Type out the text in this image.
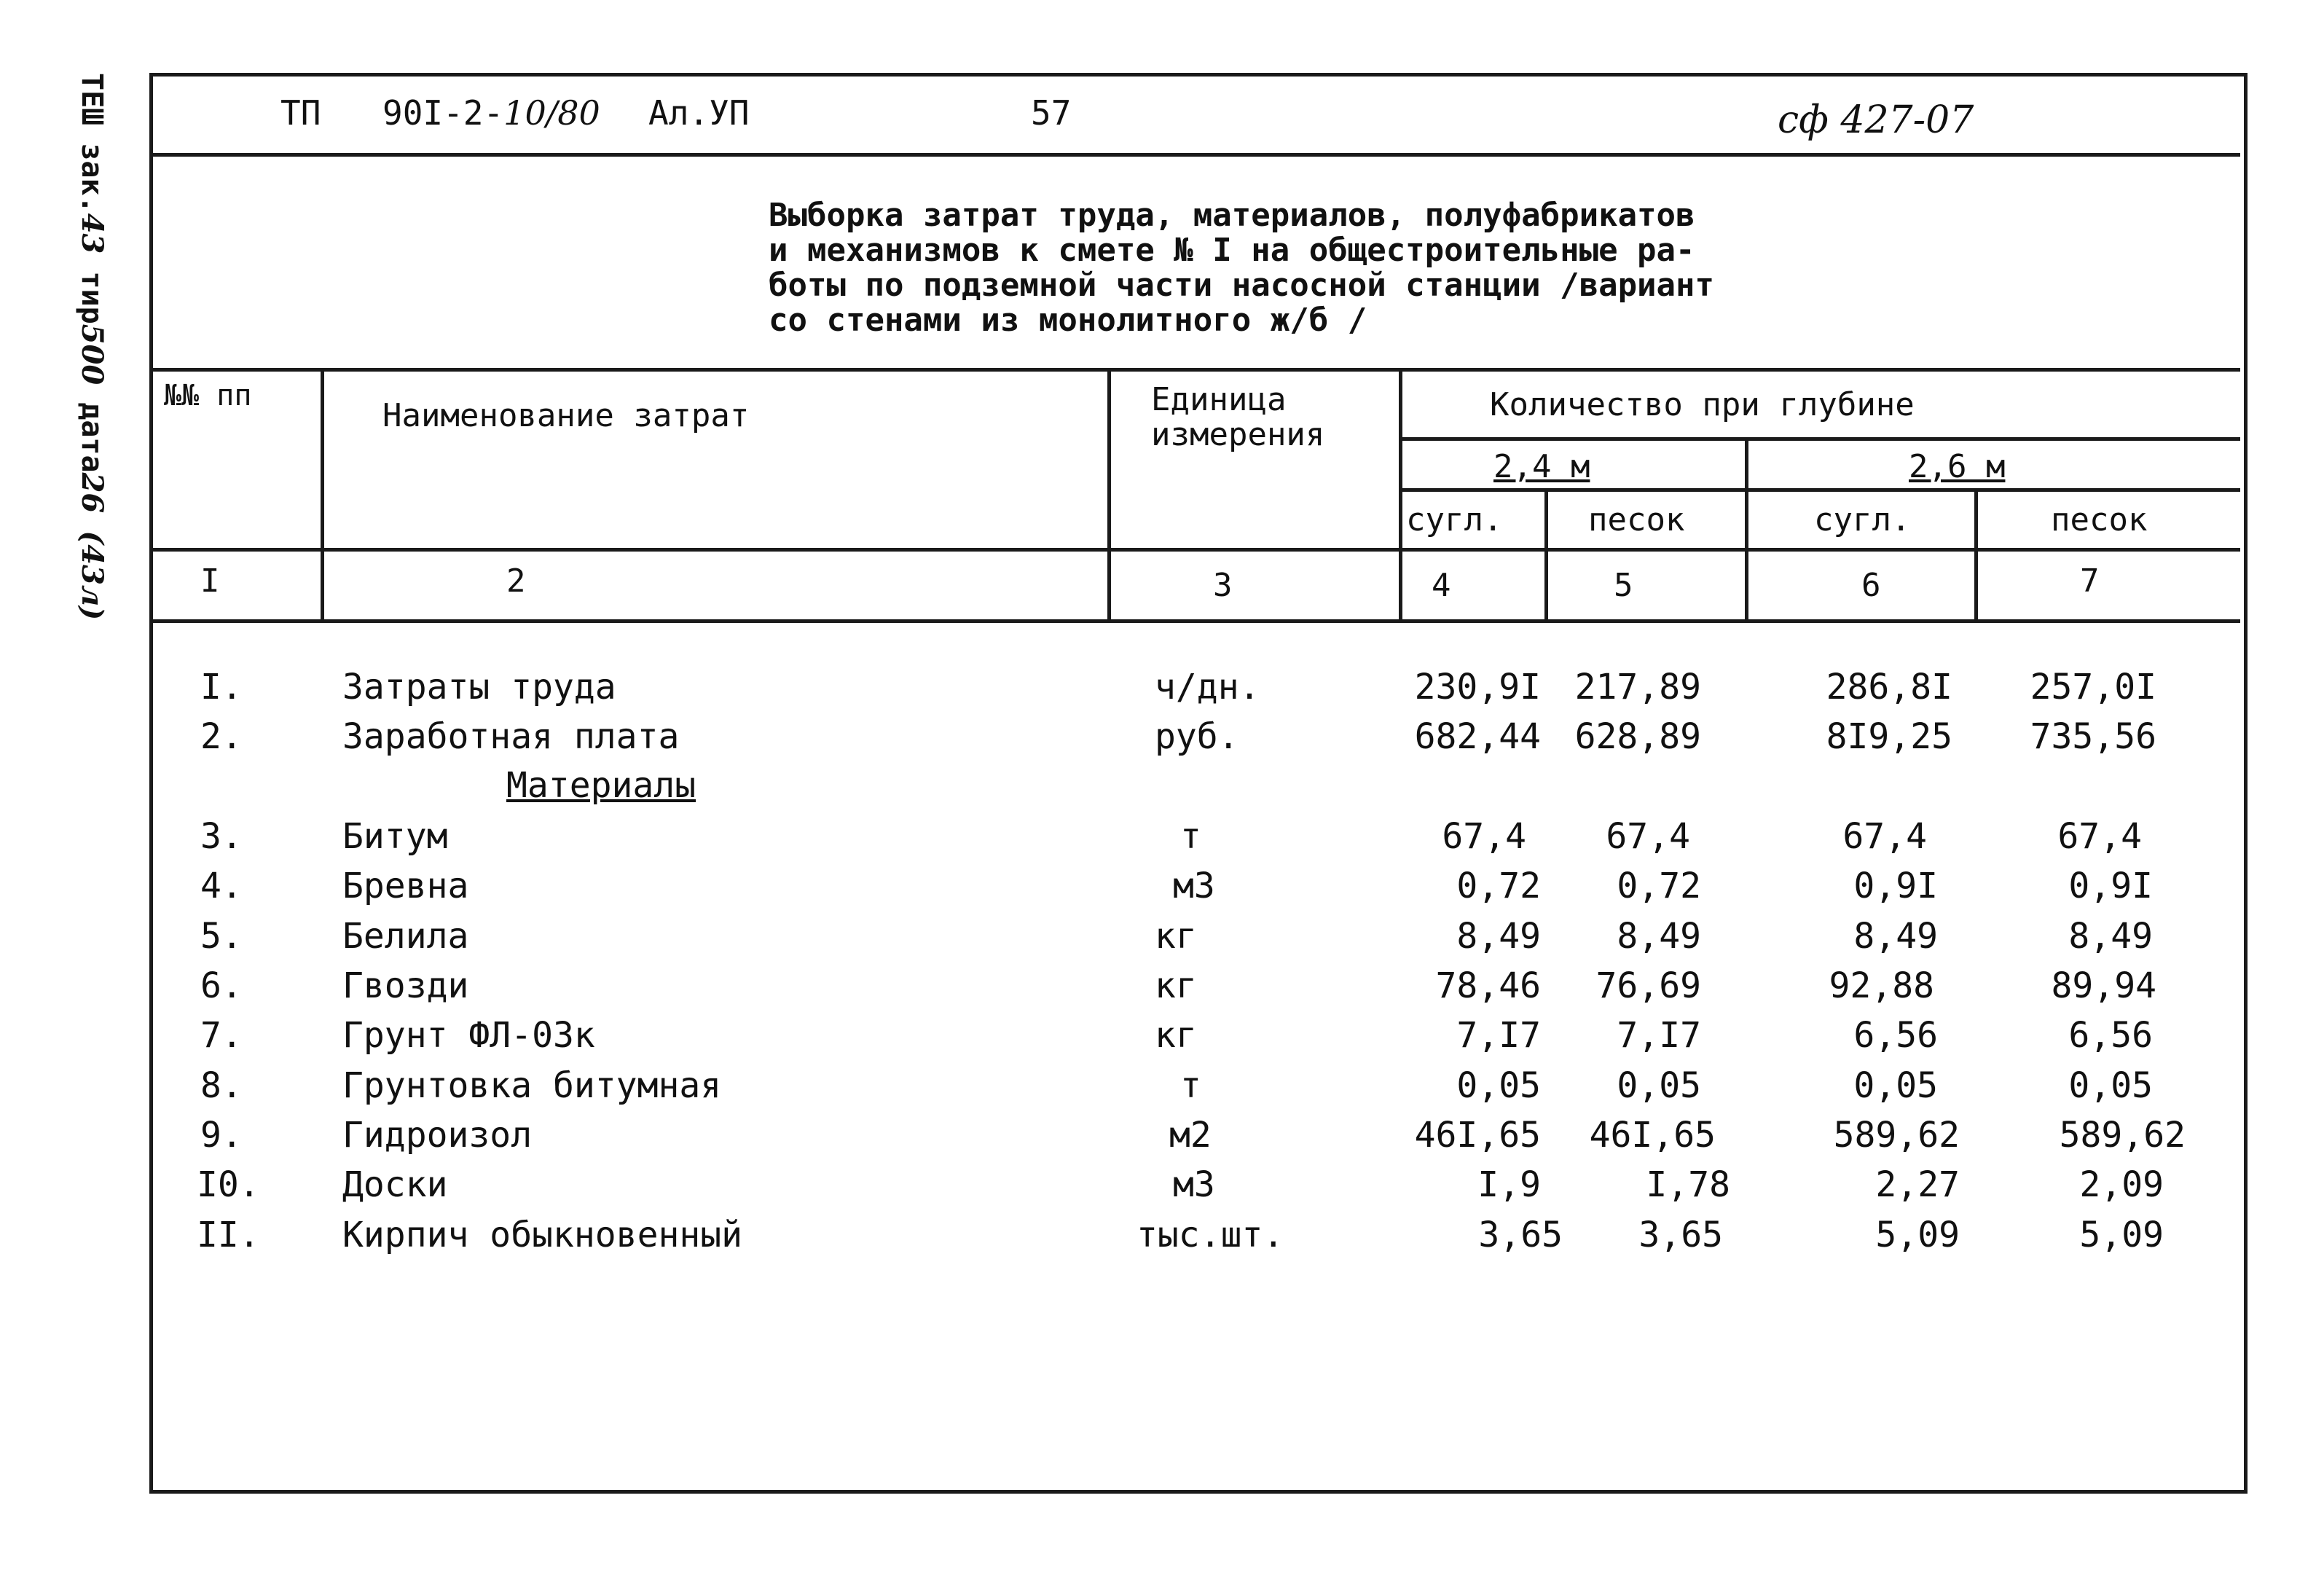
ТЕШ зак.43 тир500 дата26 (43л)
ТП 90I-2-10/80 Ал.УП	57	сф 427-07
Выборка затрат труда, материалов, полуфабрикатов
и механизмов к смете № I на общестроительные ра-
боты по подземной части насосной станции /вариант
со стенами из монолитного ж/б /
№№ пп
Наименование затрат	Единица измерения
Количество при глубине
2,4 м	2,6 м
сугл.	песок	сугл.	песок
I	2	3	4	5	6	7
I.	Затраты труда	ч/дн.	230,9I 217,89	286,8I	257,0I
2.	Заработная плата	руб.	682,44 628,89	8I9,25	735,56
Материалы
3.	Битум	т	67,4	67,4	67,4	67,4
4.	Бревна	м3	0,72	0,72	0,9I	0,9I
5.	Белила	кг	8,49	8,49	8,49	8,49
6.	Гвозди	кг	78,46	76,69	92,88	89,94
7.	Грунт ФЛ-03к	кг	7,I7	7,I7	6,56	6,56
8.	Грунтовка битумная	т	0,05	0,05	0,05	0,05
9.	Гидроизол	м2	46I,65	46I,65	589,62	589,62
I0. Доски	м3	I,9	I,78	2,27	2,09
II. Кирпич обыкновенный	тыс.шт.	3,65	3,65	5,09	5,09
